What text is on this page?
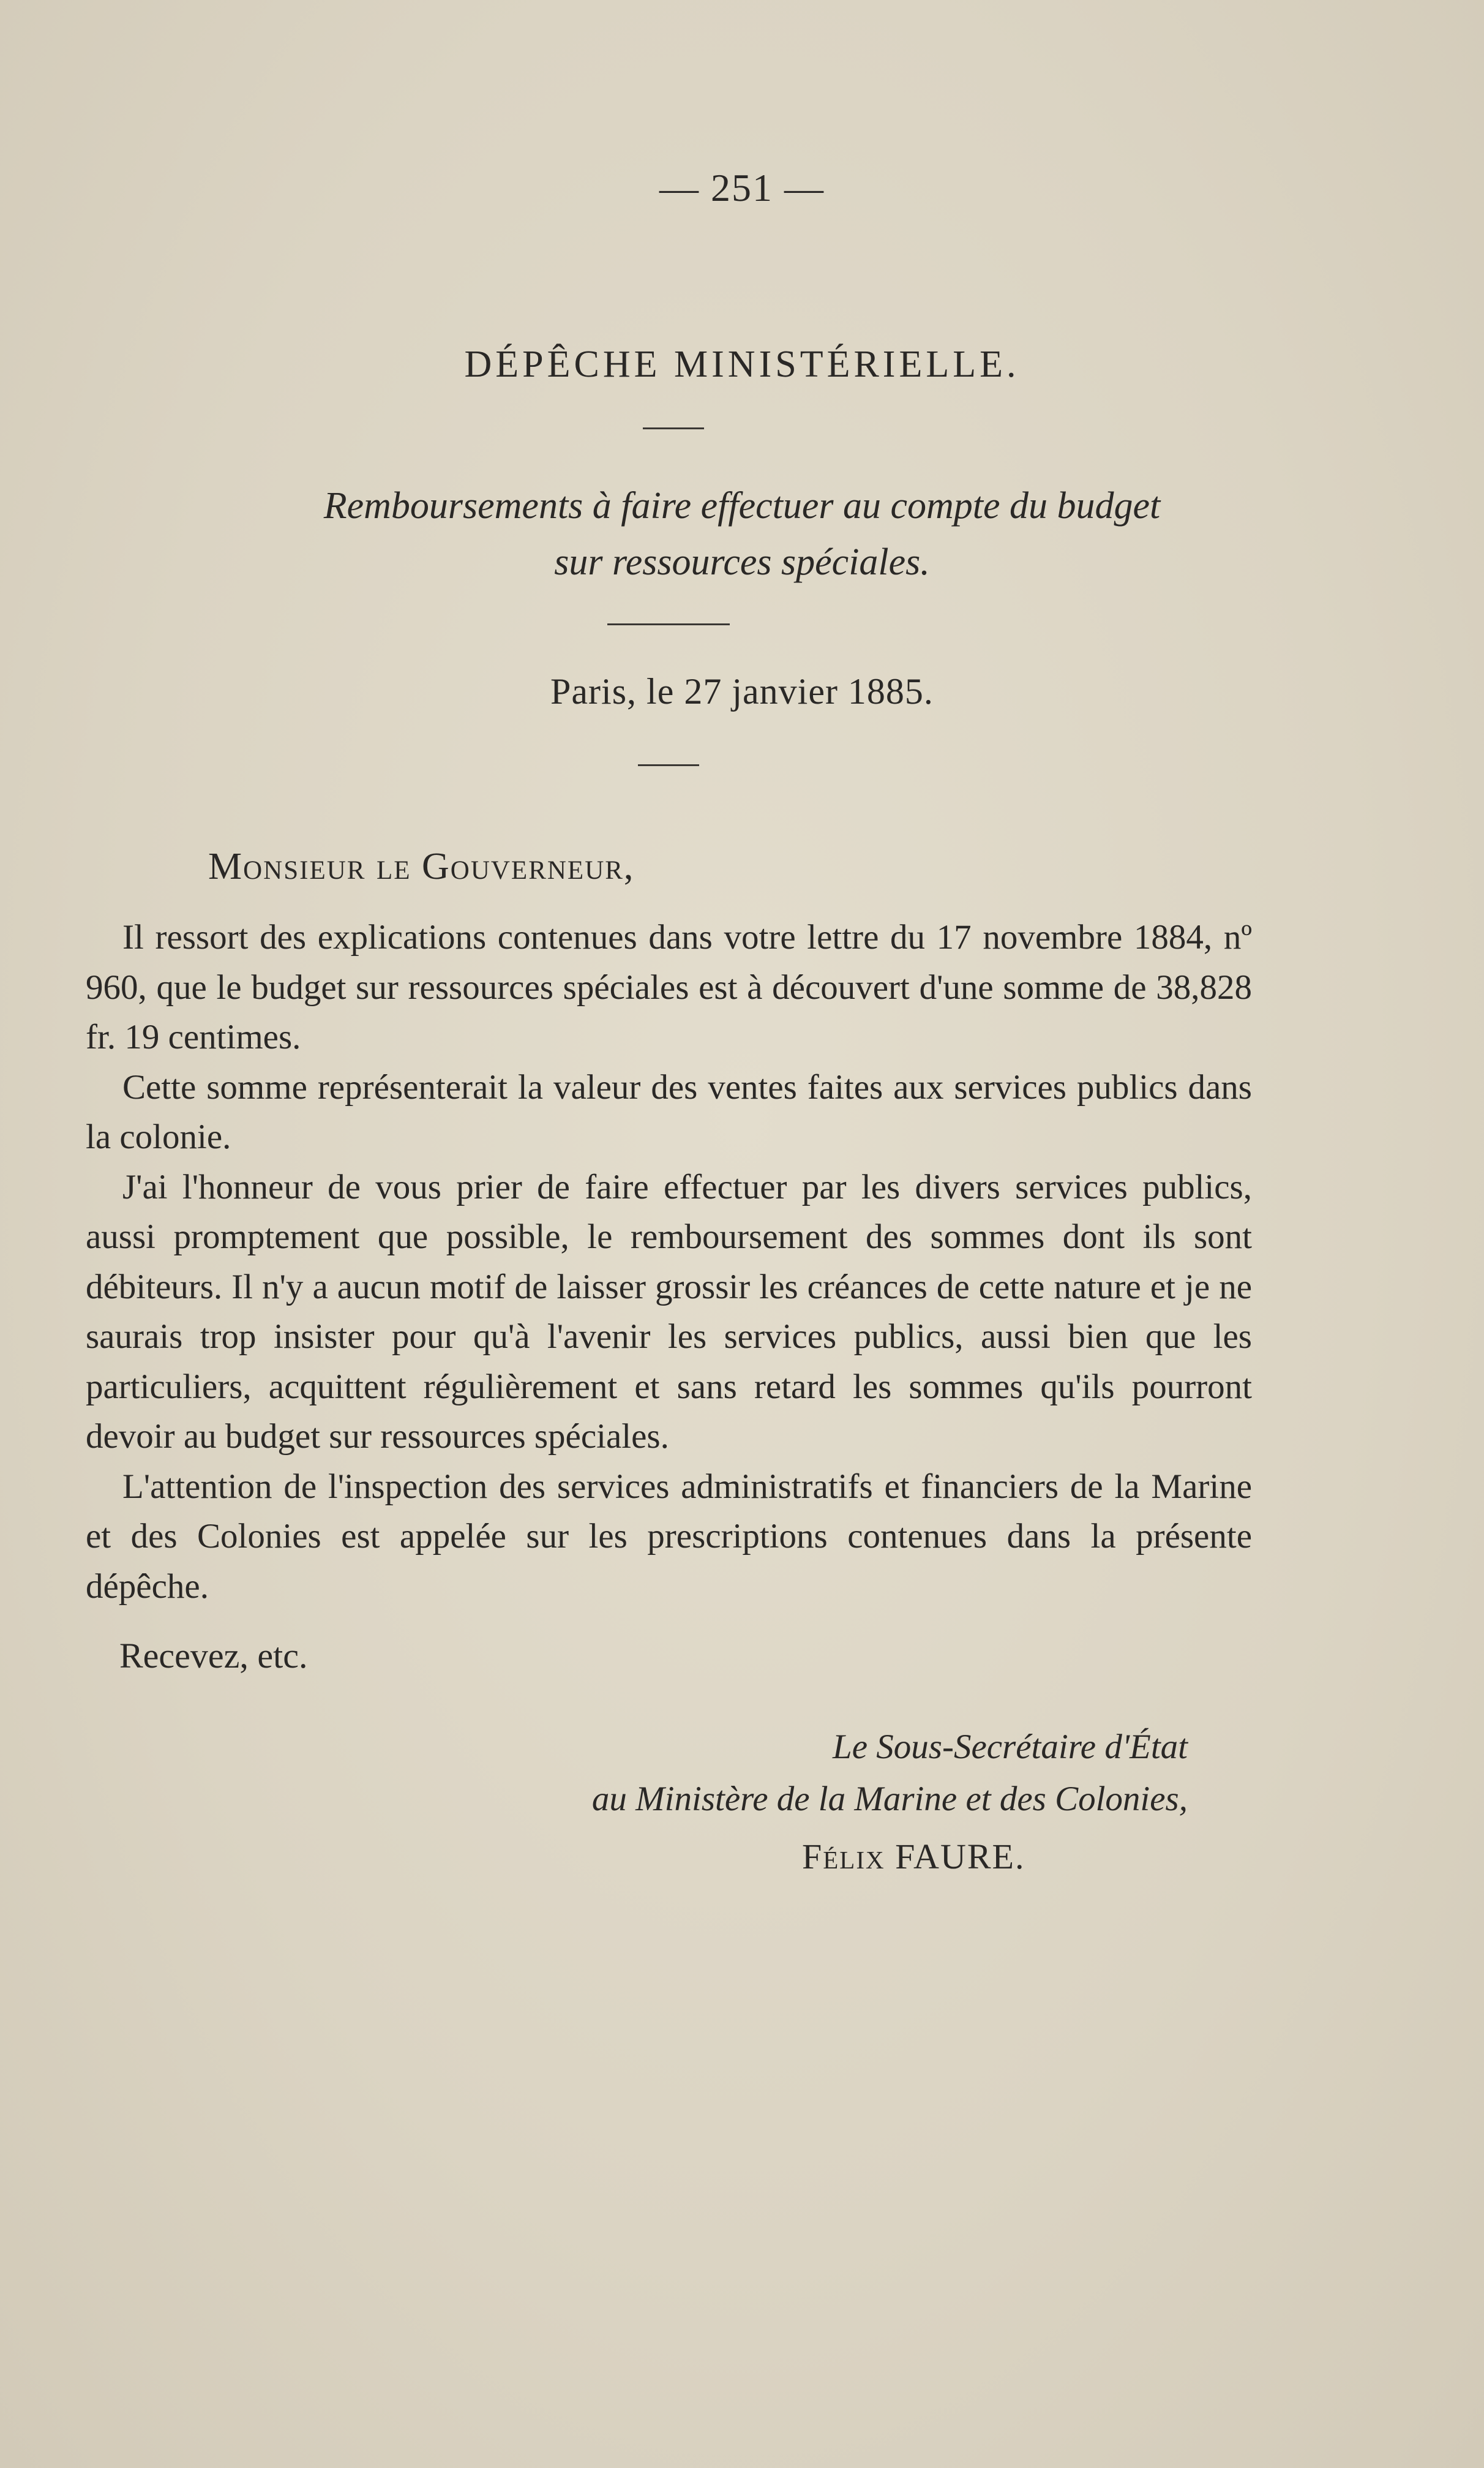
— 251 —
DÉPÊCHE MINISTÉRIELLE.
Remboursements à faire effectuer au compte du budget
sur ressources spéciales.
Paris, le 27 janvier 1885.
Monsieur le Gouverneur,

Il ressort des explications contenues dans votre lettre du 17 novembre 1884, nº 960, que le budget sur ressources spéciales est à découvert d'une somme de 38,828 fr. 19 centimes.

Cette somme représenterait la valeur des ventes faites aux services publics dans la colonie.

J'ai l'honneur de vous prier de faire effectuer par les divers services publics, aussi promptement que possible, le remboursement des sommes dont ils sont débiteurs. Il n'y a aucun motif de laisser grossir les créances de cette nature et je ne saurais trop insister pour qu'à l'avenir les services publics, aussi bien que les particuliers, acquittent régulièrement et sans retard les sommes qu'ils pourront devoir au budget sur ressources spéciales.

L'attention de l'inspection des services administratifs et financiers de la Marine et des Colonies est appelée sur les prescriptions contenues dans la présente dépêche.

Recevez, etc.
Le Sous-Secrétaire d'État
au Ministère de la Marine et des Colonies,
Félix FAURE.
